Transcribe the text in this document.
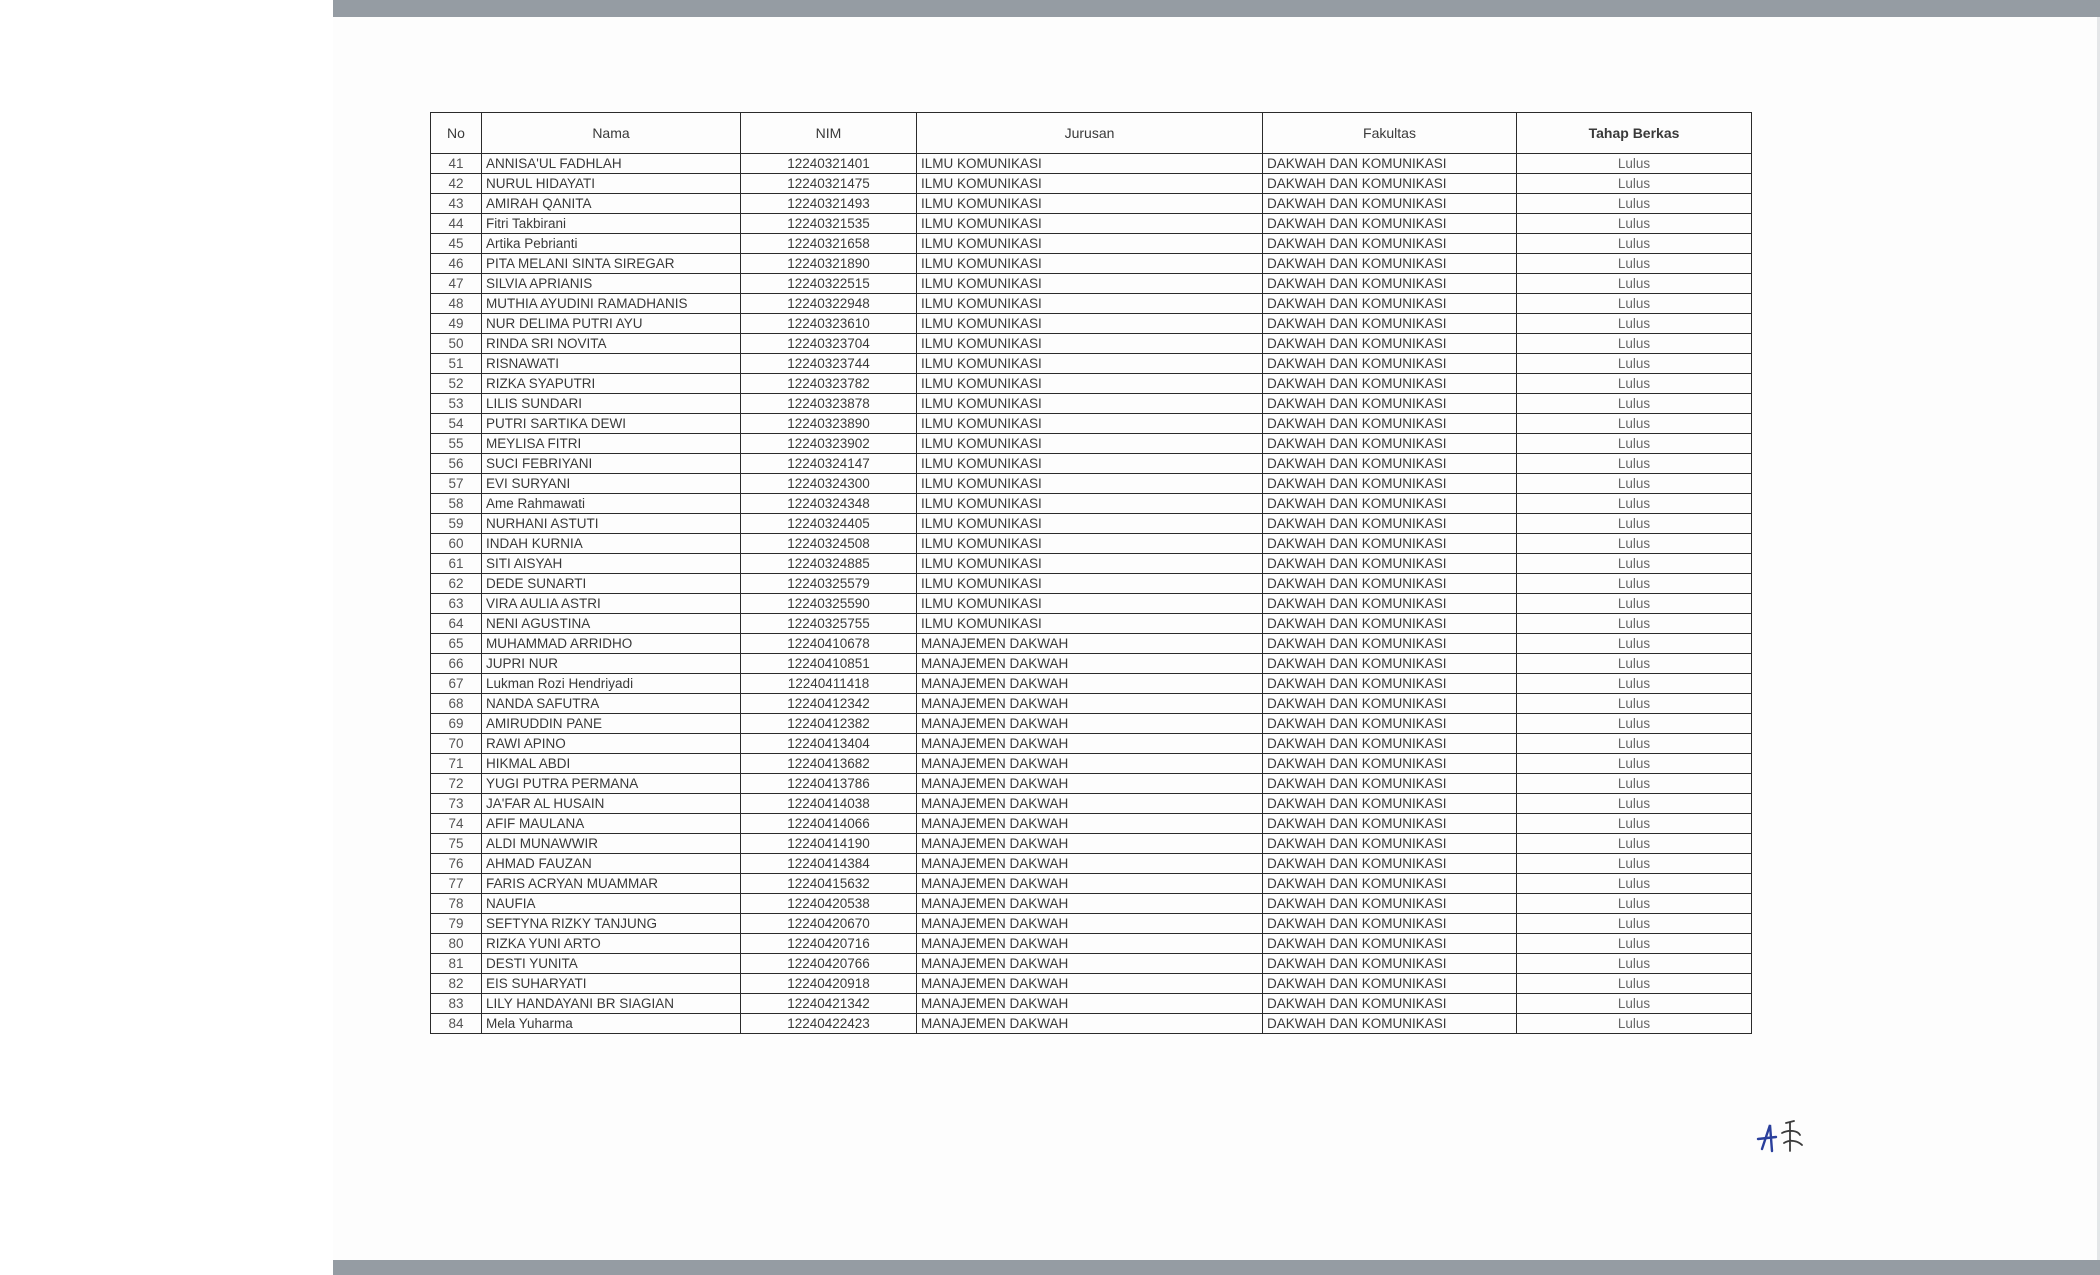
No	Nama	NIM	Jurusan	Fakultas	Tahap Berkas
41	ANNISA'UL FADHLAH	12240321401	ILMU KOMUNIKASI	DAKWAH DAN KOMUNIKASI	Lulus
42	NURUL HIDAYATI	12240321475	ILMU KOMUNIKASI	DAKWAH DAN KOMUNIKASI	Lulus
43	AMIRAH QANITA	12240321493	ILMU KOMUNIKASI	DAKWAH DAN KOMUNIKASI	Lulus
44	Fitri Takbirani	12240321535	ILMU KOMUNIKASI	DAKWAH DAN KOMUNIKASI	Lulus
45	Artika Pebrianti	12240321658	ILMU KOMUNIKASI	DAKWAH DAN KOMUNIKASI	Lulus
46	PITA MELANI SINTA SIREGAR	12240321890	ILMU KOMUNIKASI	DAKWAH DAN KOMUNIKASI	Lulus
47	SILVIA APRIANIS	12240322515	ILMU KOMUNIKASI	DAKWAH DAN KOMUNIKASI	Lulus
48	MUTHIA AYUDINI RAMADHANIS	12240322948	ILMU KOMUNIKASI	DAKWAH DAN KOMUNIKASI	Lulus
49	NUR DELIMA PUTRI AYU	12240323610	ILMU KOMUNIKASI	DAKWAH DAN KOMUNIKASI	Lulus
50	RINDA SRI NOVITA	12240323704	ILMU KOMUNIKASI	DAKWAH DAN KOMUNIKASI	Lulus
51	RISNAWATI	12240323744	ILMU KOMUNIKASI	DAKWAH DAN KOMUNIKASI	Lulus
52	RIZKA SYAPUTRI	12240323782	ILMU KOMUNIKASI	DAKWAH DAN KOMUNIKASI	Lulus
53	LILIS SUNDARI	12240323878	ILMU KOMUNIKASI	DAKWAH DAN KOMUNIKASI	Lulus
54	PUTRI SARTIKA DEWI	12240323890	ILMU KOMUNIKASI	DAKWAH DAN KOMUNIKASI	Lulus
55	MEYLISA FITRI	12240323902	ILMU KOMUNIKASI	DAKWAH DAN KOMUNIKASI	Lulus
56	SUCI FEBRIYANI	12240324147	ILMU KOMUNIKASI	DAKWAH DAN KOMUNIKASI	Lulus
57	EVI SURYANI	12240324300	ILMU KOMUNIKASI	DAKWAH DAN KOMUNIKASI	Lulus
58	Ame Rahmawati	12240324348	ILMU KOMUNIKASI	DAKWAH DAN KOMUNIKASI	Lulus
59	NURHANI ASTUTI	12240324405	ILMU KOMUNIKASI	DAKWAH DAN KOMUNIKASI	Lulus
60	INDAH KURNIA	12240324508	ILMU KOMUNIKASI	DAKWAH DAN KOMUNIKASI	Lulus
61	SITI AISYAH	12240324885	ILMU KOMUNIKASI	DAKWAH DAN KOMUNIKASI	Lulus
62	DEDE SUNARTI	12240325579	ILMU KOMUNIKASI	DAKWAH DAN KOMUNIKASI	Lulus
63	VIRA AULIA ASTRI	12240325590	ILMU KOMUNIKASI	DAKWAH DAN KOMUNIKASI	Lulus
64	NENI AGUSTINA	12240325755	ILMU KOMUNIKASI	DAKWAH DAN KOMUNIKASI	Lulus
65	MUHAMMAD ARRIDHO	12240410678	MANAJEMEN DAKWAH	DAKWAH DAN KOMUNIKASI	Lulus
66	JUPRI NUR	12240410851	MANAJEMEN DAKWAH	DAKWAH DAN KOMUNIKASI	Lulus
67	Lukman Rozi Hendriyadi	12240411418	MANAJEMEN DAKWAH	DAKWAH DAN KOMUNIKASI	Lulus
68	NANDA SAFUTRA	12240412342	MANAJEMEN DAKWAH	DAKWAH DAN KOMUNIKASI	Lulus
69	AMIRUDDIN PANE	12240412382	MANAJEMEN DAKWAH	DAKWAH DAN KOMUNIKASI	Lulus
70	RAWI APINO	12240413404	MANAJEMEN DAKWAH	DAKWAH DAN KOMUNIKASI	Lulus
71	HIKMAL ABDI	12240413682	MANAJEMEN DAKWAH	DAKWAH DAN KOMUNIKASI	Lulus
72	YUGI PUTRA PERMANA	12240413786	MANAJEMEN DAKWAH	DAKWAH DAN KOMUNIKASI	Lulus
73	JA'FAR AL HUSAIN	12240414038	MANAJEMEN DAKWAH	DAKWAH DAN KOMUNIKASI	Lulus
74	AFIF MAULANA	12240414066	MANAJEMEN DAKWAH	DAKWAH DAN KOMUNIKASI	Lulus
75	ALDI MUNAWWIR	12240414190	MANAJEMEN DAKWAH	DAKWAH DAN KOMUNIKASI	Lulus
76	AHMAD FAUZAN	12240414384	MANAJEMEN DAKWAH	DAKWAH DAN KOMUNIKASI	Lulus
77	FARIS ACRYAN MUAMMAR	12240415632	MANAJEMEN DAKWAH	DAKWAH DAN KOMUNIKASI	Lulus
78	NAUFIA	12240420538	MANAJEMEN DAKWAH	DAKWAH DAN KOMUNIKASI	Lulus
79	SEFTYNA RIZKY TANJUNG	12240420670	MANAJEMEN DAKWAH	DAKWAH DAN KOMUNIKASI	Lulus
80	RIZKA YUNI ARTO	12240420716	MANAJEMEN DAKWAH	DAKWAH DAN KOMUNIKASI	Lulus
81	DESTI YUNITA	12240420766	MANAJEMEN DAKWAH	DAKWAH DAN KOMUNIKASI	Lulus
82	EIS SUHARYATI	12240420918	MANAJEMEN DAKWAH	DAKWAH DAN KOMUNIKASI	Lulus
83	LILY HANDAYANI BR SIAGIAN	12240421342	MANAJEMEN DAKWAH	DAKWAH DAN KOMUNIKASI	Lulus
84	Mela Yuharma	12240422423	MANAJEMEN DAKWAH	DAKWAH DAN KOMUNIKASI	Lulus
